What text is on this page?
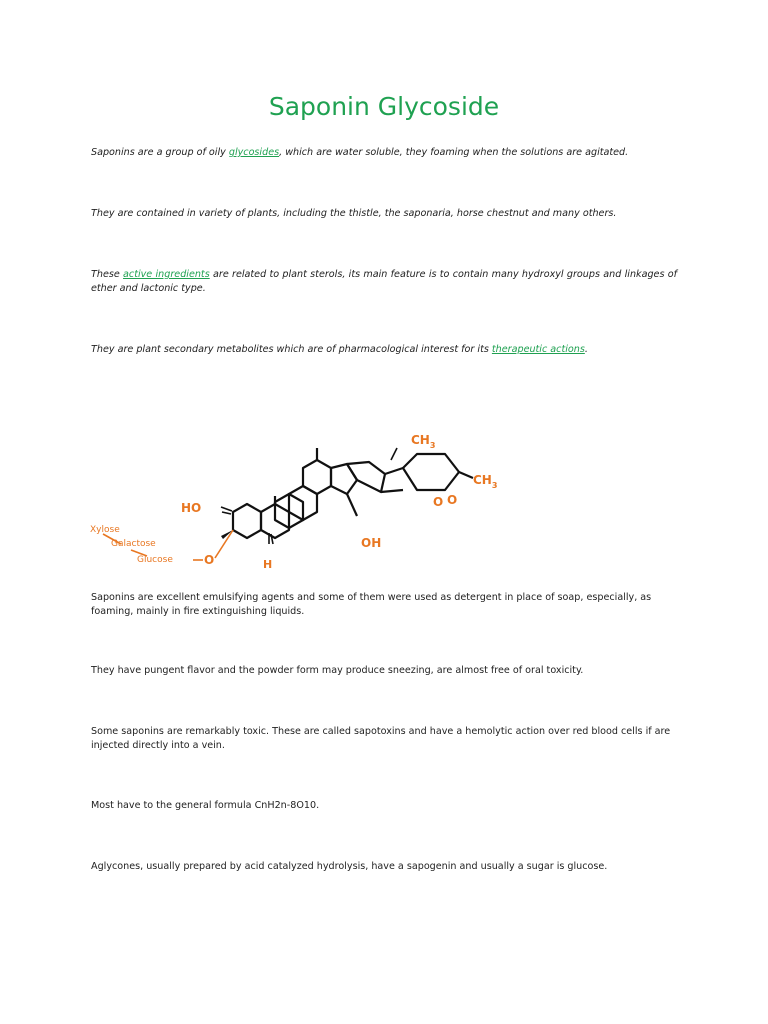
Saponin Glycoside

Saponins are a group of oily glycosides, which are water soluble, they foaming when the solutions are agitated.

They are contained in variety of plants, including the thistle, the saponaria, horse chestnut and many others.

These active ingredients are related to plant sterols, its main feature is to contain many hydroxyl groups and linkages of ether and lactonic type.

They are plant secondary metabolites which are of pharmacological interest for its therapeutic actions.

$CH_3$
$CH_3$
HO
OH
H
O O
O
Xylose
Galactose
Glucose

Saponins are excellent emulsifying agents and some of them were used as detergent in place of soap, especially, as foaming, mainly in fire extinguishing liquids.

They have pungent flavor and the powder form may produce sneezing, are almost free of oral toxicity.

Some saponins are remarkably toxic. These are called sapotoxins and have a hemolytic action over red blood cells if are injected directly into a vein.

Most have to the general formula CnH2n-8O10.

Aglycones, usually prepared by acid catalyzed hydrolysis, have a sapogenin and usually a sugar is glucose.
